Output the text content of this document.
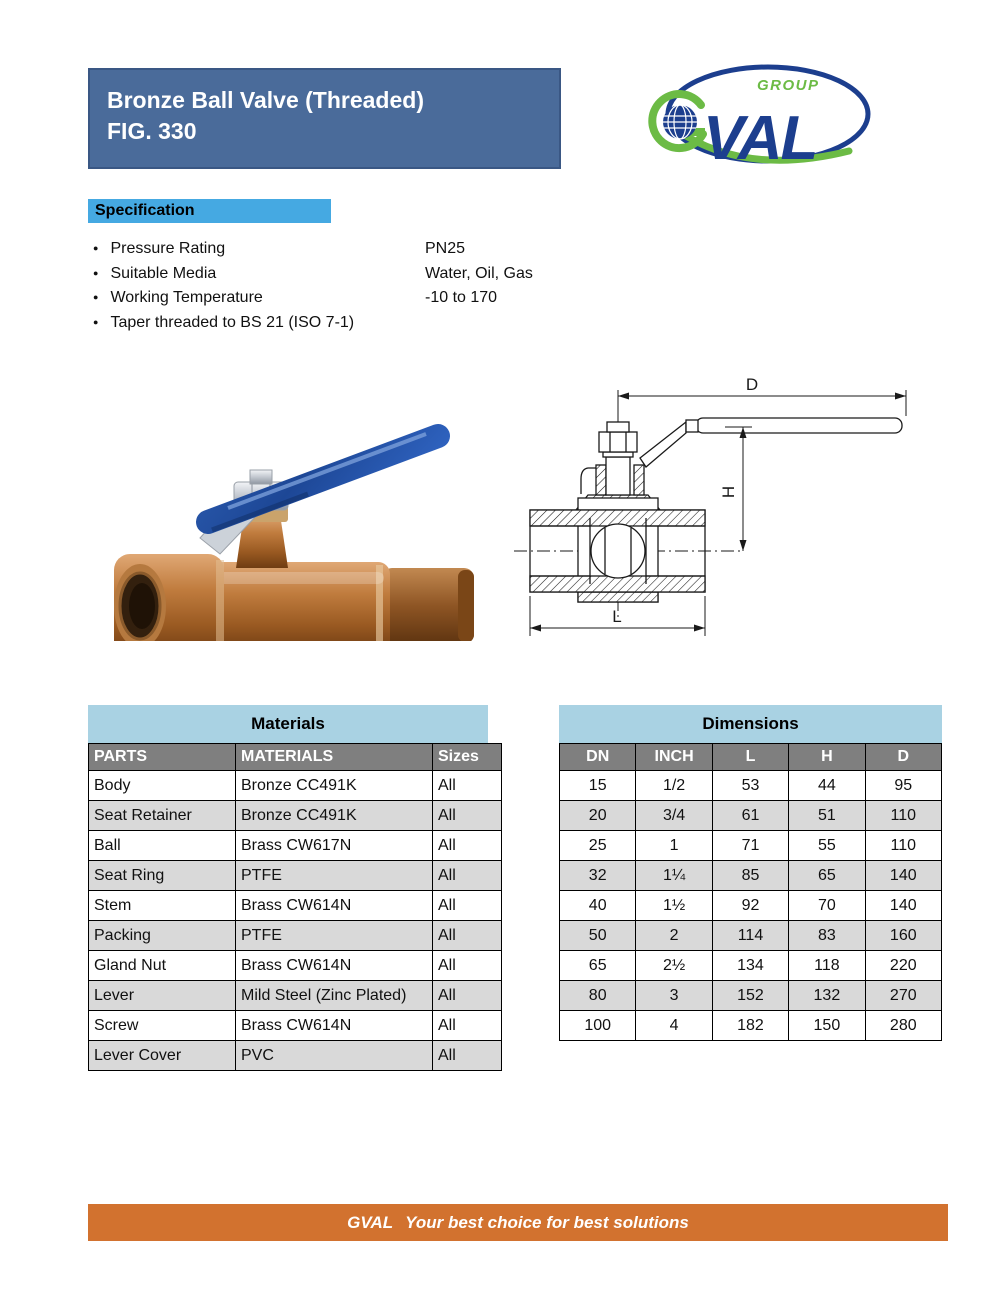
Bronze Ball Valve (Threaded)
FIG. 330
GROUP
VAL
Specification
● Pressure Rating	PN25
● Suitable Media	Water, Oil, Gas
● Working Temperature	-10 to 170
● Taper threaded to BS 21 (ISO 7-1)
D
H
L
Materials
PARTS	MATERIALS	Sizes
Body	Bronze CC491K	All
Seat Retainer	Bronze CC491K	All
Ball	Brass CW617N	All
Seat Ring	PTFE	All
Stem	Brass CW614N	All
Packing	PTFE	All
Gland Nut	Brass CW614N	All
Lever	Mild Steel (Zinc Plated)	All
Screw	Brass CW614N	All
Lever Cover	PVC	All
Dimensions
DN	INCH	L	H	D
15	1/2	53	44	95
20	3/4	61	51	110
25	1	71	55	110
32	1¼	85	65	140
40	1½	92	70	140
50	2	114	83	160
65	2½	134	118	220
80	3	152	132	270
100	4	182	150	280
GVAL Your best choice for best solutions
